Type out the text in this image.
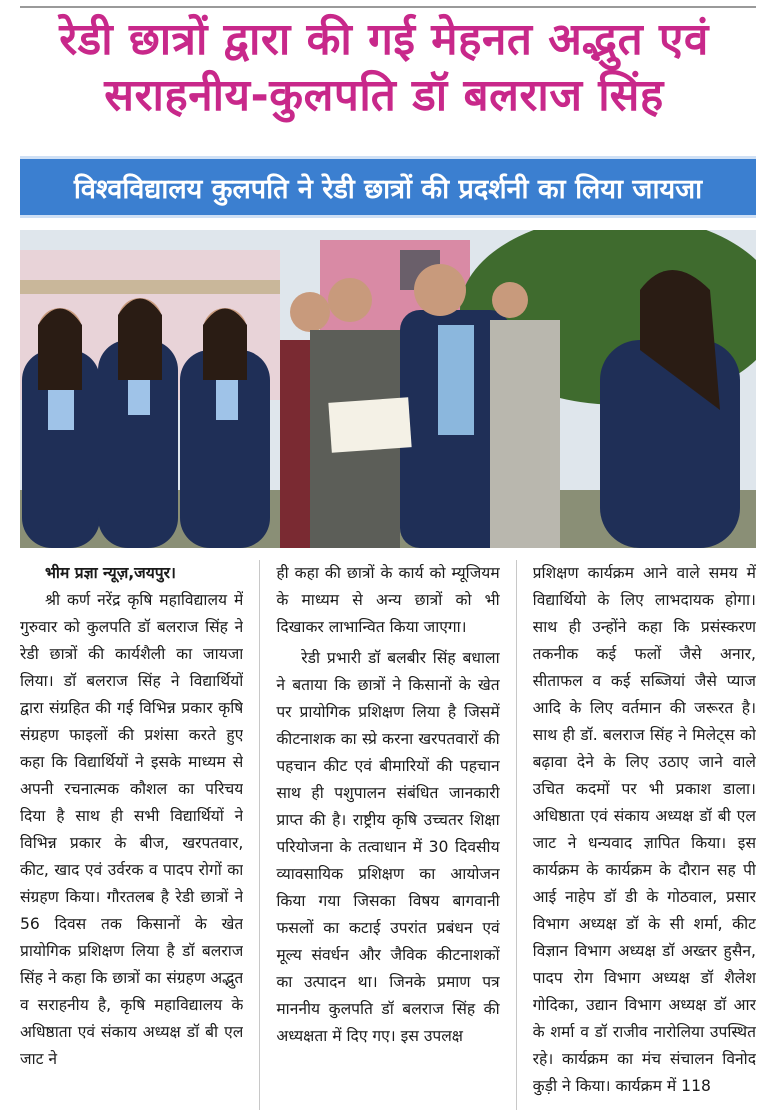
रेडी छात्रों द्वारा की गई मेहनत अद्भुत एवं
सराहनीय-कुलपति डॉ बलराज सिंह
विश्वविद्यालय कुलपति ने रेडी छात्रों की प्रदर्शनी का लिया जायजा
भीम प्रज्ञा न्यूज़,जयपुर।

श्री कर्ण नरेंद्र कृषि महाविद्यालय में गुरुवार को कुलपति डॉ बलराज सिंह ने रेडी छात्रों की कार्यशैली का जायजा लिया। डॉ बलराज सिंह ने विद्यार्थियों द्वारा संग्रहित की गई विभिन्न प्रकार कृषि संग्रहण फाइलों की प्रशंसा करते हुए कहा कि विद्यार्थियों ने इसके माध्यम से अपनी रचनात्मक कौशल का परिचय दिया है साथ ही सभी विद्यार्थियों ने विभिन्न प्रकार के बीज, खरपतवार, कीट, खाद एवं उर्वरक व पादप रोगों का संग्रहण किया। गौरतलब है रेडी छात्रों ने 56 दिवस तक किसानों के खेत प्रायोगिक प्रशिक्षण लिया है डॉ बलराज सिंह ने कहा कि छात्रों का संग्रहण अद्भुत व सराहनीय है, कृषि महाविद्यालय के अधिष्ठाता एवं संकाय अध्यक्ष डॉ बी एल जाट ने

ही कहा की छात्रों के कार्य को म्यूजियम के माध्यम से अन्य छात्रों को भी दिखाकर लाभान्वित किया जाएगा।

रेडी प्रभारी डॉ बलबीर सिंह बधाला ने बताया कि छात्रों ने किसानों के खेत पर प्रायोगिक प्रशिक्षण लिया है जिसमें कीटनाशक का स्प्रे करना खरपतवारों की पहचान कीट एवं बीमारियों की पहचान साथ ही पशुपालन संबंधित जानकारी प्राप्त की है। राष्ट्रीय कृषि उच्चतर शिक्षा परियोजना के तत्वाधान में 30 दिवसीय व्यावसायिक प्रशिक्षण का आयोजन किया गया जिसका विषय बागवानी फसलों का कटाई उपरांत प्रबंधन एवं मूल्य संवर्धन और जैविक कीटनाशकों का उत्पादन था। जिनके प्रमाण पत्र माननीय कुलपति डॉ बलराज सिंह की अध्यक्षता में दिए गए। इस उपलक्ष

प्रशिक्षण कार्यक्रम आने वाले समय में विद्यार्थियो के लिए लाभदायक होगा। साथ ही उन्होंने कहा कि प्रसंस्करण तकनीक कई फलों जैसे अनार, सीताफल व कई सब्जियां जैसे प्याज आदि के लिए वर्तमान की जरूरत है। साथ ही डॉ. बलराज सिंह ने मिलेट्स को बढ़ावा देने के लिए उठाए जाने वाले उचित कदमों पर भी प्रकाश डाला। अधिष्ठाता एवं संकाय अध्यक्ष डॉ बी एल जाट ने धन्यवाद ज्ञापित किया। इस कार्यक्रम के कार्यक्रम के दौरान सह पी आई नाहेप डॉ डी के गोठवाल, प्रसार विभाग अध्यक्ष डॉ के सी शर्मा, कीट विज्ञान विभाग अध्यक्ष डॉ अख्तर हुसैन, पादप रोग विभाग अध्यक्ष डॉ शैलेश गोदिका, उद्यान विभाग अध्यक्ष डॉ आर के शर्मा व डॉ राजीव नारोलिया उपस्थित रहे। कार्यक्रम का मंच संचालन विनोद कुड़ी ने किया। कार्यक्रम में 118
